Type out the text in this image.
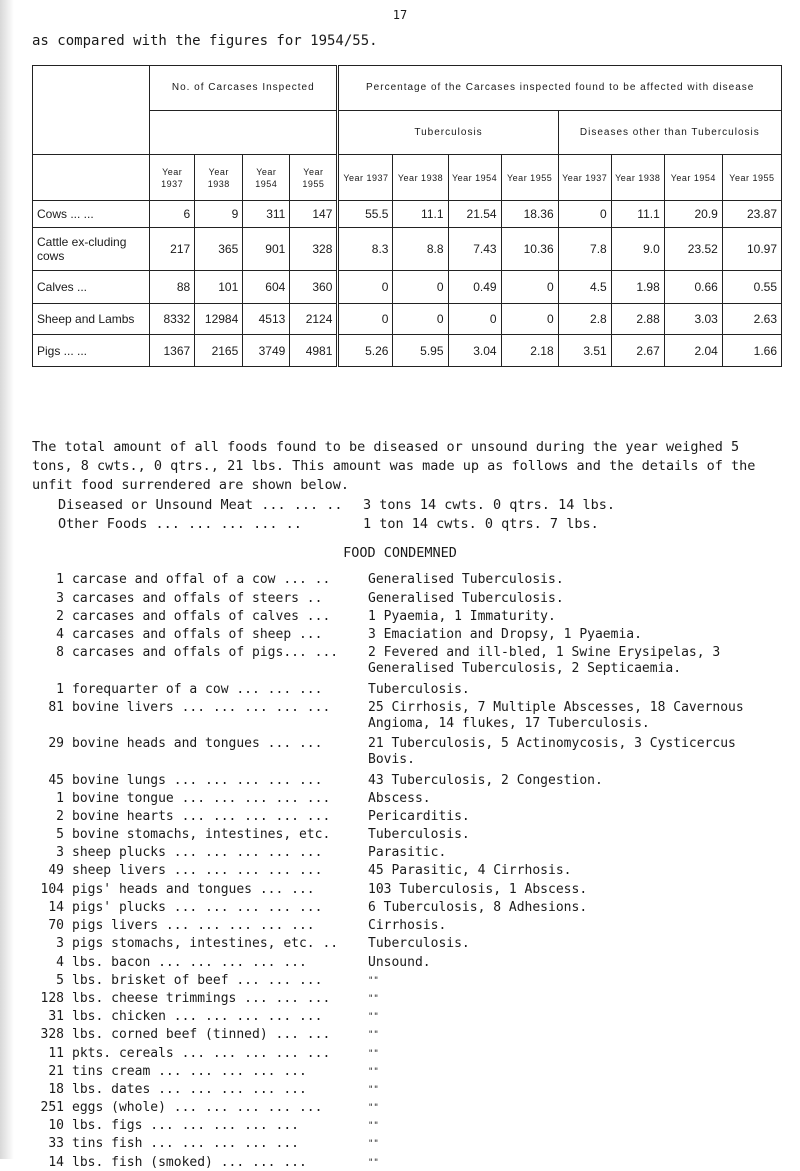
17
as compared with the figures for 1954/55.
	No. of Carcases Inspected				Percentage of the Carcases inspected found to be affected with disease							
					Tuberculosis				Diseases other than Tuberculosis			
	Year 1937	Year 1938	Year 1954	Year 1955	Year 1937	Year 1938	Year 1954	Year 1955	Year 1937	Year 1938	Year 1954	Year 1955
Cows ... ...	6	9	311	147	55.5	11.1	21.54	18.36	0	11.1	20.9	23.87
Cattle ex-cluding cows	217	365	901	328	8.3	8.8	7.43	10.36	7.8	9.0	23.52	10.97
Calves ...	88	101	604	360	0	0	0.49	0	4.5	1.98	0.66	0.55
Sheep and Lambs	8332	12984	4513	2124	0	0	0	0	2.8	2.88	3.03	2.63
Pigs ... ...	1367	2165	3749	4981	5.26	5.95	3.04	2.18	3.51	2.67	2.04	1.66
The total amount of all foods found to be diseased or unsound during the year weighed 5 tons, 8 cwts., 0 qtrs., 21 lbs. This amount was made up as follows and the details of the unfit food surrendered are shown below.
Diseased or Unsound Meat ... ... ..	3 tons 14 cwts. 0 qtrs. 14 lbs.
Other Foods ... ... ... ... ..	1 ton 14 cwts. 0 qtrs. 7 lbs.
FOOD CONDEMNED
1 carcase and offal of a cow ... ..	Generalised Tuberculosis.
3 carcases and offals of steers ..	Generalised Tuberculosis.
2 carcases and offals of calves ...	1 Pyaemia, 1 Immaturity.
4 carcases and offals of sheep ...	3 Emaciation and Dropsy, 1 Pyaemia.
8 carcases and offals of pigs... ... 2 Fevered and ill-bled, 1 Swine Erysipelas, 3 Generalised Tuberculosis, 2 Septicaemia.
1 forequarter of a cow ... ... ...	Tuberculosis.
81 bovine livers ... ... ... ... ...	25 Cirrhosis, 7 Multiple Abscesses, 18 Cavernous Angioma, 14 flukes, 17 Tuberculosis.
29 bovine heads and tongues ... ...	21 Tuberculosis, 5 Actinomycosis, 3 Cysticercus Bovis.
45 bovine lungs ... ... ... ... ...	43 Tuberculosis, 2 Congestion.
1 bovine tongue ... ... ... ... ...	Abscess.
2 bovine hearts ... ... ... ... ...	Pericarditis.
5 bovine stomachs, intestines, etc.	Tuberculosis.
3 sheep plucks ... ... ... ... ...	Parasitic.
49 sheep livers ... ... ... ... ...	45 Parasitic, 4 Cirrhosis.
104 pigs' heads and tongues ... ...	103 Tuberculosis, 1 Abscess.
14 pigs' plucks ... ... ... ... ...	6 Tuberculosis, 8 Adhesions.
70 pigs livers ... ... ... ... ...	Cirrhosis.
3 pigs stomachs, intestines, etc. .. Tuberculosis.
4 lbs. bacon ... ... ... ... ...	Unsound.
5 lbs. brisket of beef ... ... ...	""
128 lbs. cheese trimmings ... ... ...	""
31 lbs. chicken ... ... ... ... ...	""
328 lbs. corned beef (tinned) ... ...	""
11 pkts. cereals ... ... ... ... ...	""
21 tins cream ... ... ... ... ...	""
18 lbs. dates ... ... ... ... ...	""
251 eggs (whole) ... ... ... ... ...	""
10 lbs. figs ... ... ... ... ...	""
33 tins fish ... ... ... ... ...	""
14 lbs. fish (smoked) ... ... ...	""
